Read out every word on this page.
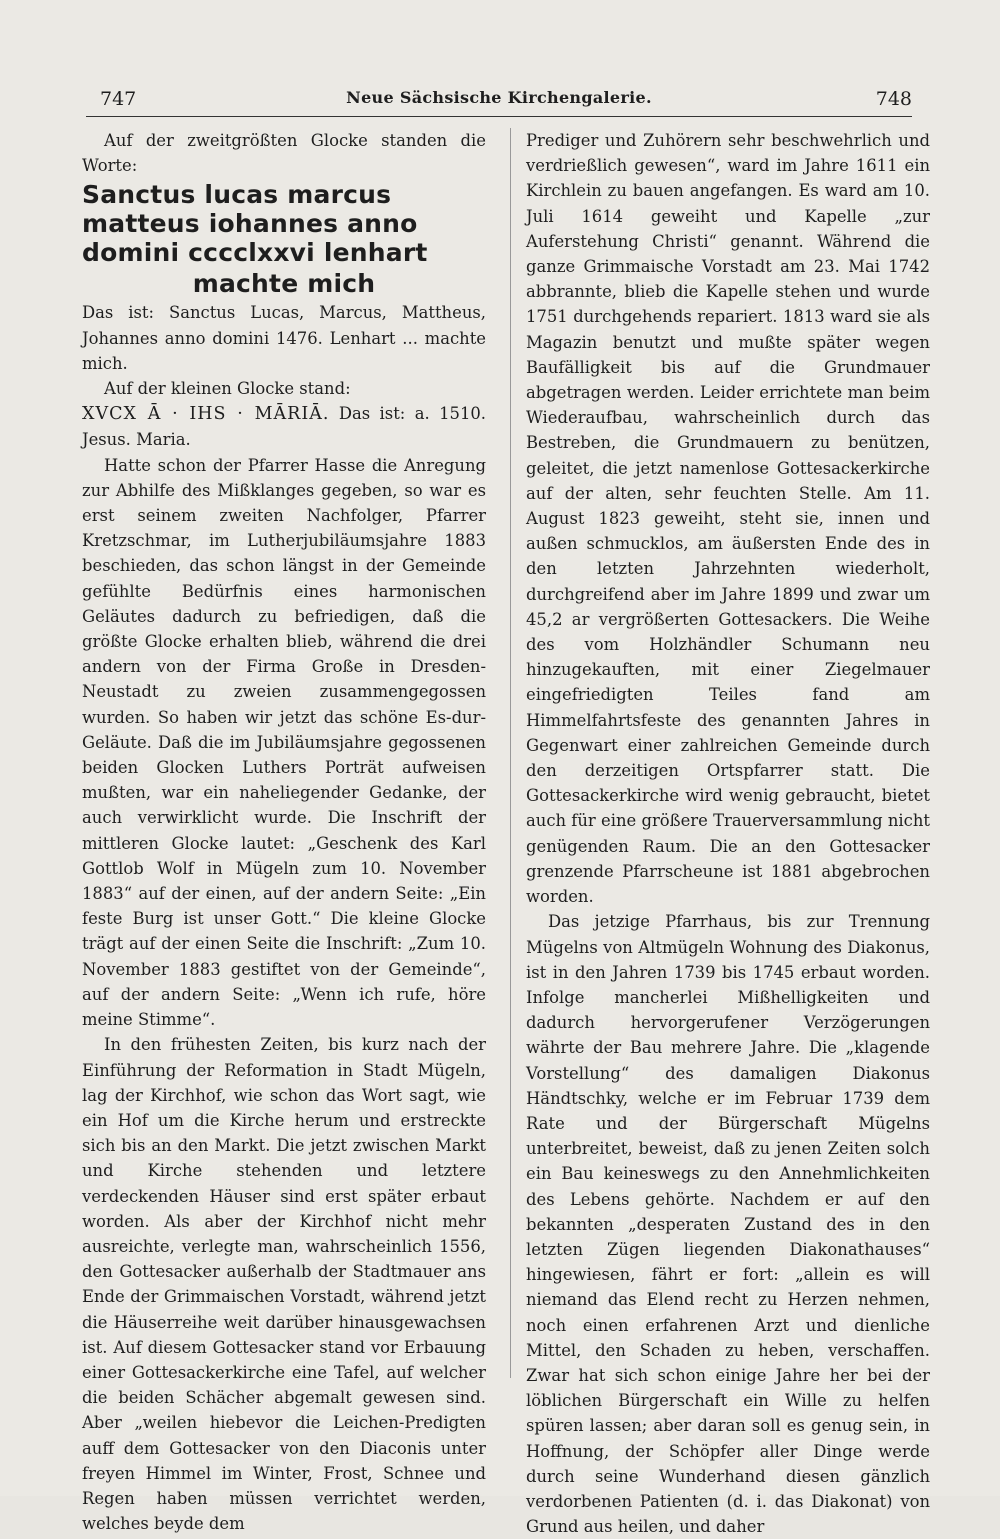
747	Neue Sächsische Kirchengalerie.	748

Auf der zweitgrößten Glocke standen die Worte:

Sanctus lucas marcus matteus iohannes anno domini cccclxxvi lenhart
machte mich

Das ist: Sanctus Lucas, Marcus, Mattheus, Johannes anno domini 1476. Lenhart ... machte mich.

Auf der kleinen Glocke stand:

XVCX Ā · IHS · MĀRIĀ. Das ist: a. 1510. Jesus. Maria.

Hatte schon der Pfarrer Hasse die Anregung zur Abhilfe des Mißklanges gegeben, so war es erst seinem zweiten Nachfolger, Pfarrer Kretzschmar, im Lutherjubiläumsjahre 1883 beschieden, das schon längst in der Gemeinde gefühlte Bedürfnis eines harmonischen Geläutes dadurch zu befriedigen, daß die größte Glocke erhalten blieb, während die drei andern von der Firma Große in Dresden-Neustadt zu zweien zusammengegossen wurden. So haben wir jetzt das schöne Es-dur-Geläute. Daß die im Jubiläumsjahre gegossenen beiden Glocken Luthers Porträt aufweisen mußten, war ein naheliegender Gedanke, der auch verwirklicht wurde. Die Inschrift der mittleren Glocke lautet: „Geschenk des Karl Gottlob Wolf in Mügeln zum 10. November 1883“ auf der einen, auf der andern Seite: „Ein feste Burg ist unser Gott.“ Die kleine Glocke trägt auf der einen Seite die Inschrift: „Zum 10. November 1883 gestiftet von der Gemeinde“, auf der andern Seite: „Wenn ich rufe, höre meine Stimme“.

In den frühesten Zeiten, bis kurz nach der Einführung der Reformation in Stadt Mügeln, lag der Kirchhof, wie schon das Wort sagt, wie ein Hof um die Kirche herum und erstreckte sich bis an den Markt. Die jetzt zwischen Markt und Kirche stehenden und letztere verdeckenden Häuser sind erst später erbaut worden. Als aber der Kirchhof nicht mehr ausreichte, verlegte man, wahrscheinlich 1556, den Gottesacker außerhalb der Stadtmauer ans Ende der Grimmaischen Vorstadt, während jetzt die Häuserreihe weit darüber hinausgewachsen ist. Auf diesem Gottesacker stand vor Erbauung einer Gottesackerkirche eine Tafel, auf welcher die beiden Schächer abgemalt gewesen sind. Aber „weilen hiebevor die Leichen-Predigten auff dem Gottesacker von den Diaconis unter freyen Himmel im Winter, Frost, Schnee und Regen haben müssen verrichtet werden, welches beyde dem

Prediger und Zuhörern sehr beschwehrlich und verdrießlich gewesen“, ward im Jahre 1611 ein Kirchlein zu bauen angefangen. Es ward am 10. Juli 1614 geweiht und Kapelle „zur Auferstehung Christi“ genannt. Während die ganze Grimmaische Vorstadt am 23. Mai 1742 abbrannte, blieb die Kapelle stehen und wurde 1751 durchgehends repariert. 1813 ward sie als Magazin benutzt und mußte später wegen Baufälligkeit bis auf die Grundmauer abgetragen werden. Leider errichtete man beim Wiederaufbau, wahrscheinlich durch das Bestreben, die Grundmauern zu benützen, geleitet, die jetzt namenlose Gottesackerkirche auf der alten, sehr feuchten Stelle. Am 11. August 1823 geweiht, steht sie, innen und außen schmucklos, am äußersten Ende des in den letzten Jahrzehnten wiederholt, durchgreifend aber im Jahre 1899 und zwar um 45,2 ar vergrößerten Gottesackers. Die Weihe des vom Holzhändler Schumann neu hinzugekauften, mit einer Ziegelmauer eingefriedigten Teiles fand am Himmelfahrtsfeste des genannten Jahres in Gegenwart einer zahlreichen Gemeinde durch den derzeitigen Ortspfarrer statt. Die Gottesackerkirche wird wenig gebraucht, bietet auch für eine größere Trauerversammlung nicht genügenden Raum. Die an den Gottesacker grenzende Pfarrscheune ist 1881 abgebrochen worden.

Das jetzige Pfarrhaus, bis zur Trennung Mügelns von Altmügeln Wohnung des Diakonus, ist in den Jahren 1739 bis 1745 erbaut worden. Infolge mancherlei Mißhelligkeiten und dadurch hervorgerufener Verzögerungen währte der Bau mehrere Jahre. Die „klagende Vorstellung“ des damaligen Diakonus Händtschky, welche er im Februar 1739 dem Rate und der Bürgerschaft Mügelns unterbreitet, beweist, daß zu jenen Zeiten solch ein Bau keineswegs zu den Annehmlichkeiten des Lebens gehörte. Nachdem er auf den bekannten „desperaten Zustand des in den letzten Zügen liegenden Diakonathauses“ hingewiesen, fährt er fort: „allein es will niemand das Elend recht zu Herzen nehmen, noch einen erfahrenen Arzt und dienliche Mittel, den Schaden zu heben, verschaffen. Zwar hat sich schon einige Jahre her bei der löblichen Bürgerschaft ein Wille zu helfen spüren lassen; aber daran soll es genug sein, in Hoffnung, der Schöpfer aller Dinge werde durch seine Wunderhand diesen gänzlich verdorbenen Patienten (d. i. das Diakonat) von Grund aus heilen, und daher
